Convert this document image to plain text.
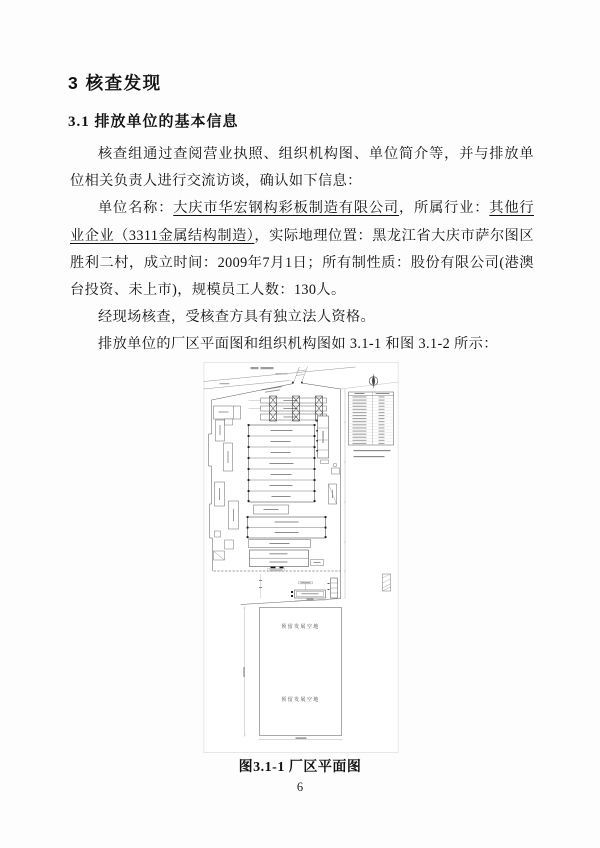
3 核查发现
3.1 排放单位的基本信息

核查组通过查阅营业执照、组织机构图、单位简介等，并与排放单位相关负责人进行交流访谈，确认如下信息：

单位名称：大庆市华宏钢构彩板制造有限公司，所属行业：其他行业企业（3311金属结构制造），实际地理位置：黑龙江省大庆市萨尔图区胜利二村，成立时间：2009年7月1日；所有制性质：股份有限公司(港澳台投资、未上市)，规模员工人数：130人。

经现场核查，受核查方具有独立法人资格。

排放单位的厂区平面图和组织机构图如 3.1-1 和图 3.1-2 所示：

预留发展空地
预留发展空地
图3.1-1 厂区平面图
6
